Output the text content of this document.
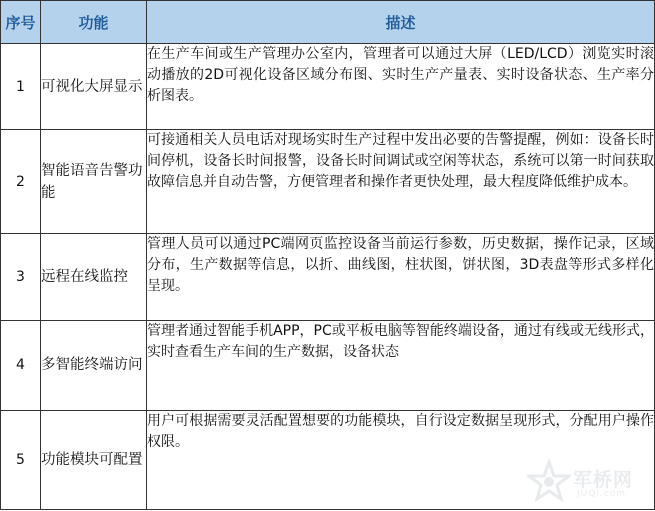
序号	功能	描述
1	可视化大屏显示	在生产车间或生产管理办公室内，管理者可以通过大屏（LED/LCD）浏览实时滚动播放的2D可视化设备区域分布图、实时生产产量表、实时设备状态、生产率分析图表。
2	智能语音告警功能	可接通相关人员电话对现场实时生产过程中发出必要的告警提醒，例如：设备长时间停机，设备长时间报警，设备长时间调试或空闲等状态，系统可以第一时间获取故障信息并自动告警，方便管理者和操作者更快处理，最大程度降低维护成本。
3	远程在线监控	管理人员可以通过PC端网页监控设备当前运行参数，历史数据，操作记录，区域分布，生产数据等信息，以折、曲线图，柱状图，饼状图，3D表盘等形式多样化呈现。
4	多智能终端访问	管理者通过智能手机APP，PC或平板电脑等智能终端设备，通过有线或无线形式，实时查看生产车间的生产数据，设备状态
5	功能模块可配置	用户可根据需要灵活配置想要的功能模块，自行设定数据呈现形式，分配用户操作权限。
军桥网
JUQI.com
